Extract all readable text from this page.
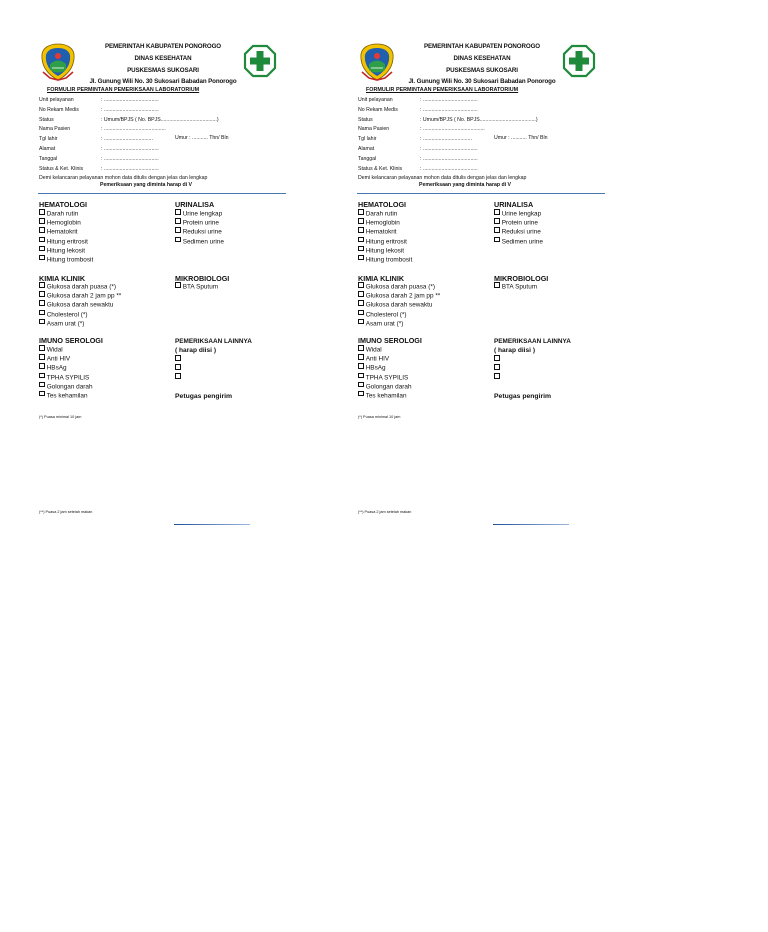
PEMERINTAH KABUPATEN PONOROGO
DINAS KESEHATAN
PUSKESMAS SUKOSARI
Jl. Gunung Wili No. 30 Sukosari Babadan Ponorogo
FORMULIR PERMINTAAN PEMERIKSAAN LABORATORIUM
Unit pelayanan	: ......................................
No Rekam Medis	: ......................................
Status	: Umum/BPJS ( No. BPJS.......................................)
Nama Pasien	: ...........................................
Tgl lahir	: ..................................	Umur : ........... Thn/ Bln
Alamat	: ......................................
Tanggal	: ......................................
Status & Ket. Klinis	: ......................................
Demi kelancaran pelayanan mohon data ditulis dengan jelas dan lengkap
Pemeriksaan yang diminta harap di V
HEMATOLOGI
Darah rutin
Hemoglobin
Hematokrit
Hitung eritrosit
Hitung lekosit
Hitung trombosit
URINALISA
Urine lengkap
Protein urine
Reduksi urine
Sedimen urine
KIMIA KLINIK
Glukosa darah puasa (*)
Glukosa darah 2 jam pp **
Glukosa darah sewaktu
Cholesterol (*)
Asam urat (*)
MIKROBIOLOGI
BTA Sputum
IMUNO SEROLOGI
Widal
Anti HIV
HBsAg
TPHA SYPILIS
Golongan darah
Tes kehamilan
PEMERIKSAAN LAINNYA
( harap diisi )
Petugas pengirim
(*) Puasa minimal 10 jam
(**) Puasa 2 jam setelah makan
PEMERINTAH KABUPATEN PONOROGO
DINAS KESEHATAN
PUSKESMAS SUKOSARI
Jl. Gunung Wili No. 30 Sukosari Babadan Ponorogo
FORMULIR PERMINTAAN PEMERIKSAAN LABORATORIUM
Unit pelayanan	: ......................................
No Rekam Medis	: ......................................
Status	: Umum/BPJS ( No. BPJS.......................................)
Nama Pasien	: ...........................................
Tgl lahir	: ..................................	Umur : ........... Thn/ Bln
Alamat	: ......................................
Tanggal	: ......................................
Status & Ket. Klinis	: ......................................
Demi kelancaran pelayanan mohon data ditulis dengan jelas dan lengkap
Pemeriksaan yang diminta harap di V
HEMATOLOGI
Darah rutin
Hemoglobin
Hematokrit
Hitung eritrosit
Hitung lekosit
Hitung trombosit
URINALISA
Urine lengkap
Protein urine
Reduksi urine
Sedimen urine
KIMIA KLINIK
Glukosa darah puasa (*)
Glukosa darah 2 jam pp **
Glukosa darah sewaktu
Cholesterol (*)
Asam urat (*)
MIKROBIOLOGI
BTA Sputum
IMUNO SEROLOGI
Widal
Anti HIV
HBsAg
TPHA SYPILIS
Golongan darah
Tes kehamilan
PEMERIKSAAN LAINNYA
( harap diisi )
Petugas pengirim
(*) Puasa minimal 10 jam
(**) Puasa 2 jam setelah makan
